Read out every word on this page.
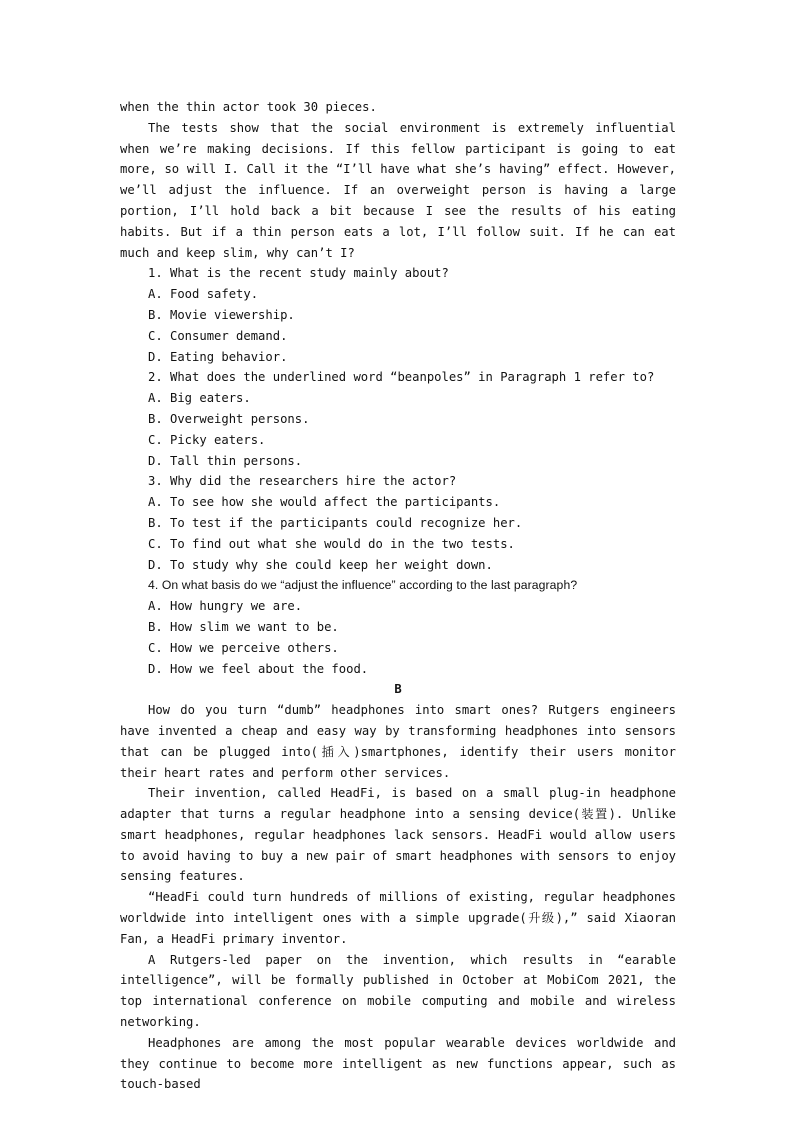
when the thin actor took 30 pieces.

The tests show that the social environment is extremely influential when we’re making decisions. If this fellow participant is going to eat more, so will I. Call it the “I’ll have what she’s having” effect. However, we’ll adjust the influence. If an overweight person is having a large portion, I’ll hold back a bit because I see the results of his eating habits. But if a thin person eats a lot, I’ll follow suit. If he can eat much and keep slim, why can’t I?

1. What is the recent study mainly about?

A. Food safety.

B. Movie viewership.

C. Consumer demand.

D. Eating behavior.

2. What does the underlined word “beanpoles” in Paragraph 1 refer to?

A. Big eaters.

B. Overweight persons.

C. Picky eaters.

D. Tall thin persons.

3. Why did the researchers hire the actor?

A. To see how she would affect the participants.

B. To test if the participants could recognize her.

C. To find out what she would do in the two tests.

D. To study why she could keep her weight down.

4. On what basis do we “adjust the influence” according to the last paragraph?

A. How hungry we are.

B. How slim we want to be.

C. How we perceive others.

D. How we feel about the food.

B

How do you turn “dumb” headphones into smart ones? Rutgers engineers have invented a cheap and easy way by transforming headphones into sensors that can be plugged into(插入)smartphones, identify their users monitor their heart rates and perform other services.

Their invention, called HeadFi, is based on a small plug-in headphone adapter that turns a regular headphone into a sensing device(装置). Unlike smart headphones, regular headphones lack sensors. HeadFi would allow users to avoid having to buy a new pair of smart headphones with sensors to enjoy sensing features.

“HeadFi could turn hundreds of millions of existing, regular headphones worldwide into intelligent ones with a simple upgrade(升级),” said Xiaoran Fan, a HeadFi primary inventor.

A Rutgers-led paper on the invention, which results in “earable intelligence”, will be formally published in October at MobiCom 2021, the top international conference on mobile computing and mobile and wireless networking.

Headphones are among the most popular wearable devices worldwide and they continue to become more intelligent as new functions appear, such as touch-based
